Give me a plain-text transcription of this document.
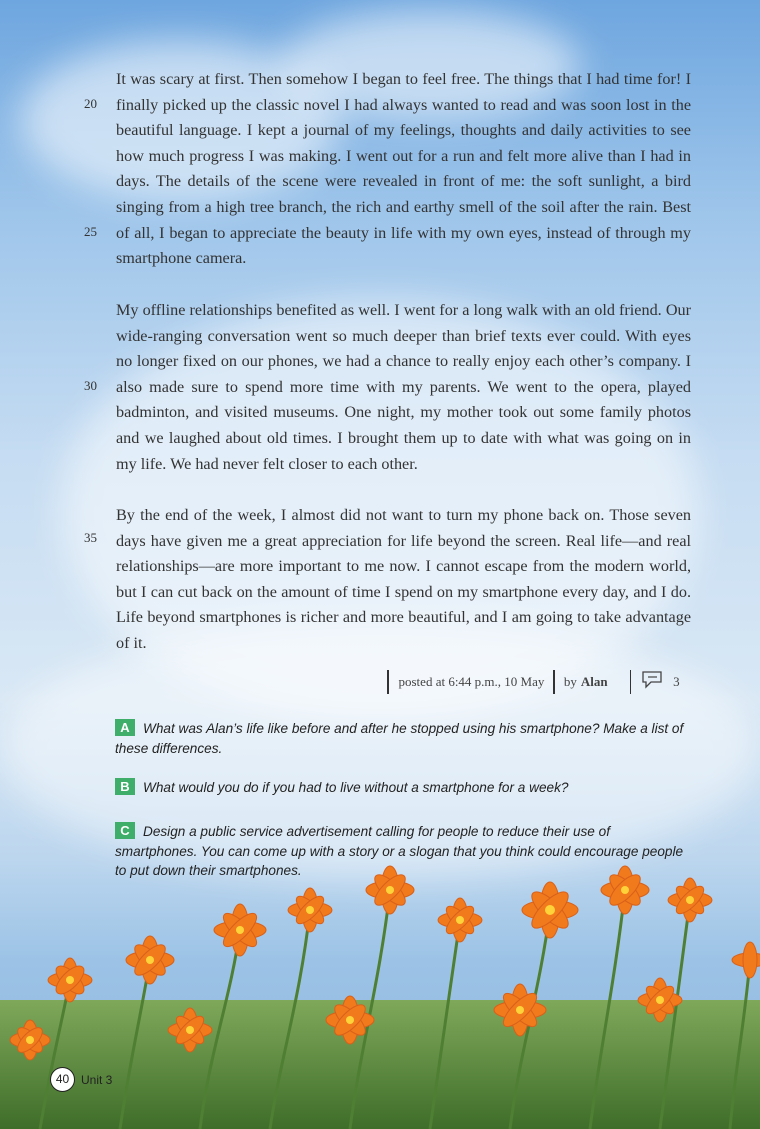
20
25
30
35
It was scary at first. Then somehow I began to feel free. The things that I had time for! I finally picked up the classic novel I had always wanted to read and was soon lost in the beautiful language. I kept a journal of my feelings, thoughts and daily activities to see how much progress I was making. I went out for a run and felt more alive than I had in days. The details of the scene were revealed in front of me: the soft sunlight, a bird singing from a high tree branch, the rich and earthy smell of the soil after the rain. Best of all, I began to appreciate the beauty in life with my own eyes, instead of through my smartphone camera.
My offline relationships benefited as well. I went for a long walk with an old friend. Our wide-ranging conversation went so much deeper than brief texts ever could. With eyes no longer fixed on our phones, we had a chance to really enjoy each other’s company. I also made sure to spend more time with my parents. We went to the opera, played badminton, and visited museums. One night, my mother took out some family photos and we laughed about old times. I brought them up to date with what was going on in my life. We had never felt closer to each other.
By the end of the week, I almost did not want to turn my phone back on. Those seven days have given me a great appreciation for life beyond the screen. Real life—and real relationships—are more important to me now. I cannot escape from the modern world, but I can cut back on the amount of time I spend on my smartphone every day, and I do. Life beyond smartphones is richer and more beautiful, and I am going to take advantage of it.
posted at 6:44 p.m., 10 May by Alan	3
A What was Alan’s life like before and after he stopped using his smartphone? Make a list of these differences.
B What would you do if you had to live without a smartphone for a week?
C Design a public service advertisement calling for people to reduce their use of smartphones. You can come up with a story or a slogan that you think could encourage people to put down their smartphones.
40 Unit 3
